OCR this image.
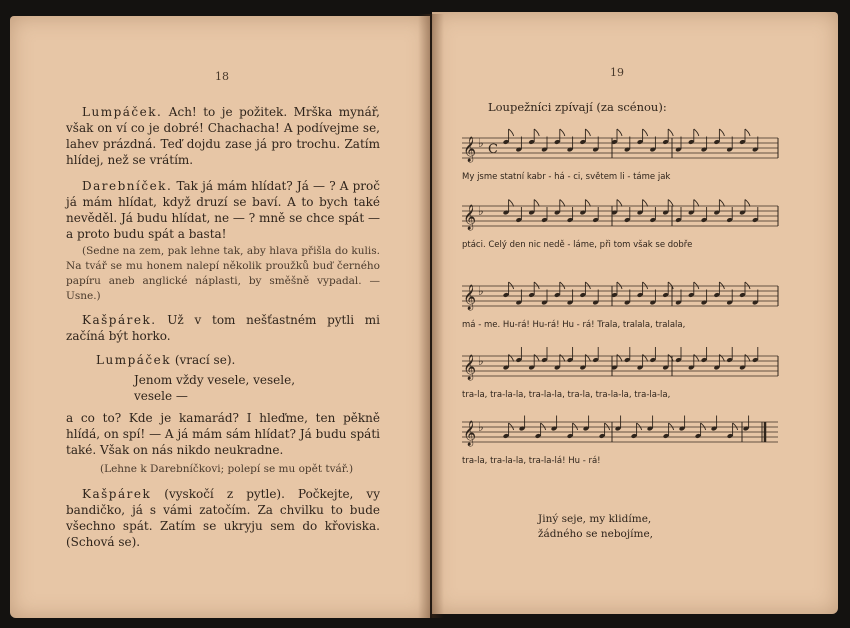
18
Lumpáček. Ach! to je požitek. Mrška mynář, však on ví co je dobré! Chachacha! A podívejme se, lahev prázdná. Teď dojdu zase já pro trochu. Zatím hlídej, než se vrátím.
Darebníček. Tak já mám hlídat? Já — ? A proč já mám hlídat, když druzí se baví. A to bych také nevěděl. Já budu hlídat, ne — ? mně se chce spát — a proto budu spát a basta!
(Sedne na zem, pak lehne tak, aby hlava přišla do kulis. Na tvář se mu honem nalepí několik proužků buď černého papíru aneb anglické náplasti, by směšně vypadal. — Usne.)
Kašpárek. Už v tom nešťastném pytli mi začíná být horko.
Lumpáček (vrací se).
Jenom vždy vesele, vesele,
vesele —
a co to? Kde je kamarád? I hleďme, ten pěkně hlídá, on spí! — A já mám sám hlídat? Já budu spáti také. Však on nás nikdo neukradne.
(Lehne k Darebníčkovi; polepí se mu opět tvář.)
Kašpárek (vyskočí z pytle). Počkejte, vy bandičko, já s vámi zatočím. Za chvilku to bude všechno spát. Zatím se ukryju sem do křoviska. (Schová se).
19
Loupežníci zpívají (za scénou):
𝄞 ♭ C
My jsme statní kabr - há - ci, světem li - táme jak
𝄞 ♭
ptáci. Celý den nic nedě - láme, při tom však se dobře
𝄞 ♭
má - me. Hu-rá! Hu-rá! Hu - rá! Trala, tralala, tralala,
𝄞 ♭
tra-la, tra-la-la, tra-la-la, tra-la, tra-la-la, tra-la-la,
𝄞 ♭
tra-la, tra-la-la, tra-la-lá! Hu - rá!
Jiný seje, my klidíme,
žádného se nebojíme,
